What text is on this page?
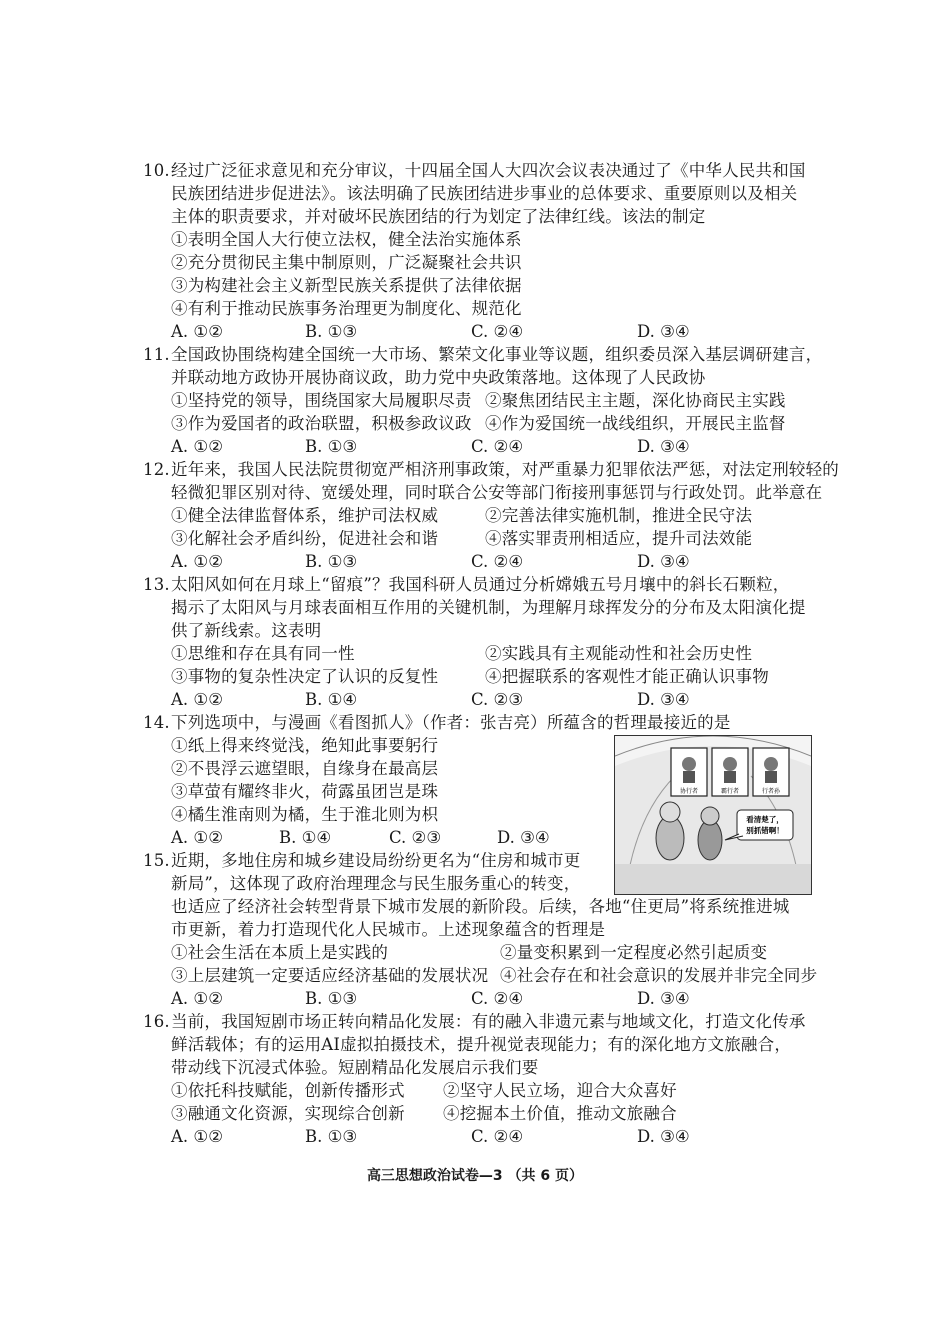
10.经过广泛征求意见和充分审议，十四届全国人大四次会议表决通过了《中华人民共和国
民族团结进步促进法》。该法明确了民族团结进步事业的总体要求、重要原则以及相关
主体的职责要求，并对破坏民族团结的行为划定了法律红线。该法的制定
①表明全国人大行使立法权，健全法治实施体系
②充分贯彻民主集中制原则，广泛凝聚社会共识
③为构建社会主义新型民族关系提供了法律依据
④有利于推动民族事务治理更为制度化、规范化
A. ①②	B. ①③	C. ②④	D. ③④
11.全国政协围绕构建全国统一大市场、繁荣文化事业等议题，组织委员深入基层调研建言，
并联动地方政协开展协商议政，助力党中央政策落地。这体现了人民政协
①坚持党的领导，围绕国家大局履职尽责 ②聚焦团结民主主题，深化协商民主实践
③作为爱国者的政治联盟，积极参政议政 ④作为爱国统一战线组织，开展民主监督
A. ①②	B. ①③	C. ②④	D. ③④
12.近年来，我国人民法院贯彻宽严相济刑事政策，对严重暴力犯罪依法严惩，对法定刑较轻的
轻微犯罪区别对待、宽缓处理，同时联合公安等部门衔接刑事惩罚与行政处罚。此举意在
①健全法律监督体系，维护司法权威	②完善法律实施机制，推进全民守法
③化解社会矛盾纠纷，促进社会和谐	④落实罪责刑相适应，提升司法效能
A. ①②	B. ①③	C. ②④	D. ③④
13.太阳风如何在月球上“留痕”？我国科研人员通过分析嫦娥五号月壤中的斜长石颗粒，
揭示了太阳风与月球表面相互作用的关键机制，为理解月球挥发分的分布及太阳演化提
供了新线索。这表明
①思维和存在具有同一性	②实践具有主观能动性和社会历史性
③事物的复杂性决定了认识的反复性	④把握联系的客观性才能正确认识事物
A. ①②	B. ①④	C. ②③	D. ③④
14.下列选项中，与漫画《看图抓人》（作者：张吉亮）所蕴含的哲理最接近的是
①纸上得来终觉浅，绝知此事要躬行
②不畏浮云遮望眼，自缘身在最高层
③草萤有耀终非火，荷露虽团岂是珠
④橘生淮南则为橘，生于淮北则为枳
A. ①②	B. ①④	C. ②③	D. ③④
协行者	霸行者	行者孙
看清楚了，
别抓错啊！
15.近期，多地住房和城乡建设局纷纷更名为“住房和城市更
新局”，这体现了政府治理理念与民生服务重心的转变，
也适应了经济社会转型背景下城市发展的新阶段。后续，各地“住更局”将系统推进城
市更新，着力打造现代化人民城市。上述现象蕴含的哲理是
①社会生活在本质上是实践的	②量变积累到一定程度必然引起质变
③上层建筑一定要适应经济基础的发展状况 ④社会存在和社会意识的发展并非完全同步
A. ①②	B. ①③	C. ②④	D. ③④
16.当前，我国短剧市场正转向精品化发展：有的融入非遗元素与地域文化，打造文化传承
鲜活载体；有的运用AI虚拟拍摄技术，提升视觉表现能力；有的深化地方文旅融合，
带动线下沉浸式体验。短剧精品化发展启示我们要
①依托科技赋能，创新传播形式 ②坚守人民立场，迎合大众喜好
③融通文化资源，实现综合创新 ④挖掘本土价值，推动文旅融合
A. ①②	B. ①③	C. ②④	D. ③④
高三思想政治试卷—3 （共 6 页）
